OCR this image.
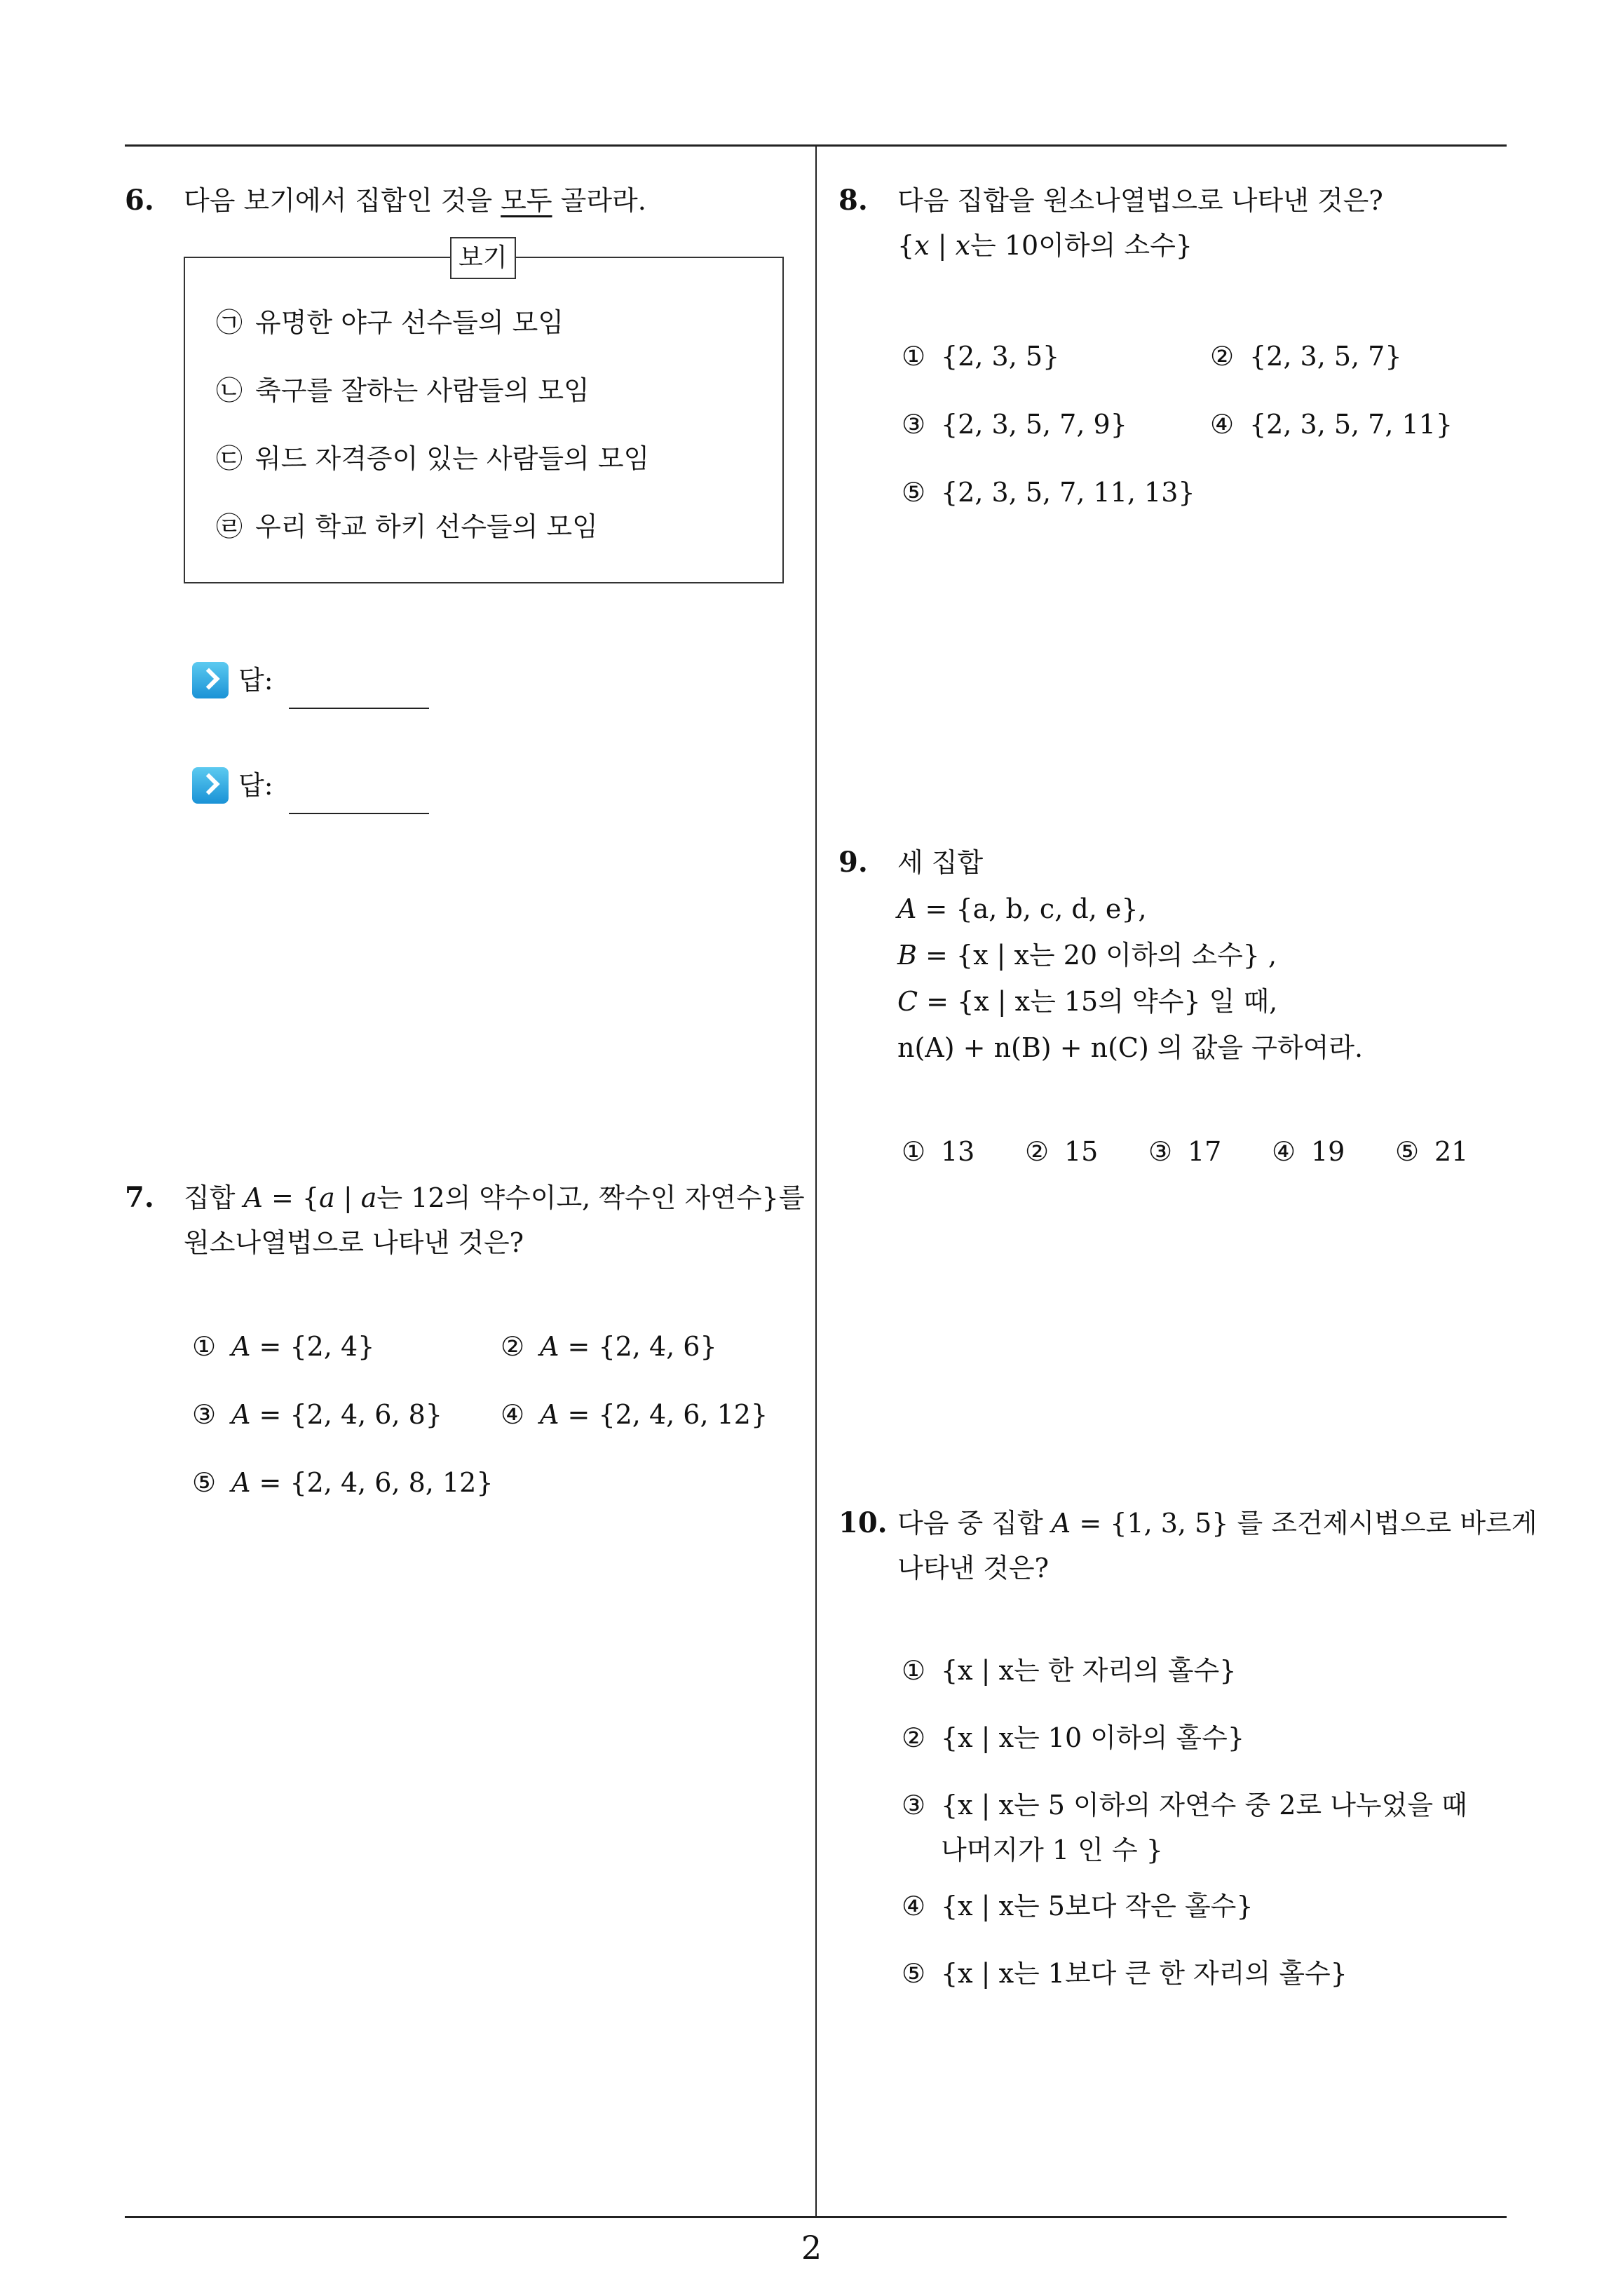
6. 다음 보기에서 집합인 것을 모두 골라라.
보기
㉠ 유명한 야구 선수들의 모임
㉡ 축구를 잘하는 사람들의 모임
㉢ 워드 자격증이 있는 사람들의 모임
㉣ 우리 학교 하키 선수들의 모임
답:
답:
7. 집합 A = {a | a는 12의 약수이고, 짝수인 자연수}를
원소나열법으로 나타낸 것은?
① A = {2, 4}	② A = {2, 4, 6}
③ A = {2, 4, 6, 8} ④ A = {2, 4, 6, 12}
⑤ A = {2, 4, 6, 8, 12}
8. 다음 집합을 원소나열법으로 나타낸 것은?
{x | x는 10이하의 소수}
① {2, 3, 5}	② {2, 3, 5, 7}
③ {2, 3, 5, 7, 9}	④ {2, 3, 5, 7, 11}
⑤ {2, 3, 5, 7, 11, 13}
9. 세 집합
A = {a, b, c, d, e},
B = {x | x는 20 이하의 소수} ,
C = {x | x는 15의 약수} 일 때,
n(A) + n(B) + n(C) 의 값을 구하여라.
① 13 ② 15 ③ 17 ④ 19 ⑤ 21
10. 다음 중 집합 A = {1, 3, 5} 를 조건제시법으로 바르게
나타낸 것은?
① {x | x는 한 자리의 홀수}
② {x | x는 10 이하의 홀수}
③ {x | x는 5 이하의 자연수 중 2로 나누었을 때
나머지가 1 인 수 }
④ {x | x는 5보다 작은 홀수}
⑤ {x | x는 1보다 큰 한 자리의 홀수}
2
